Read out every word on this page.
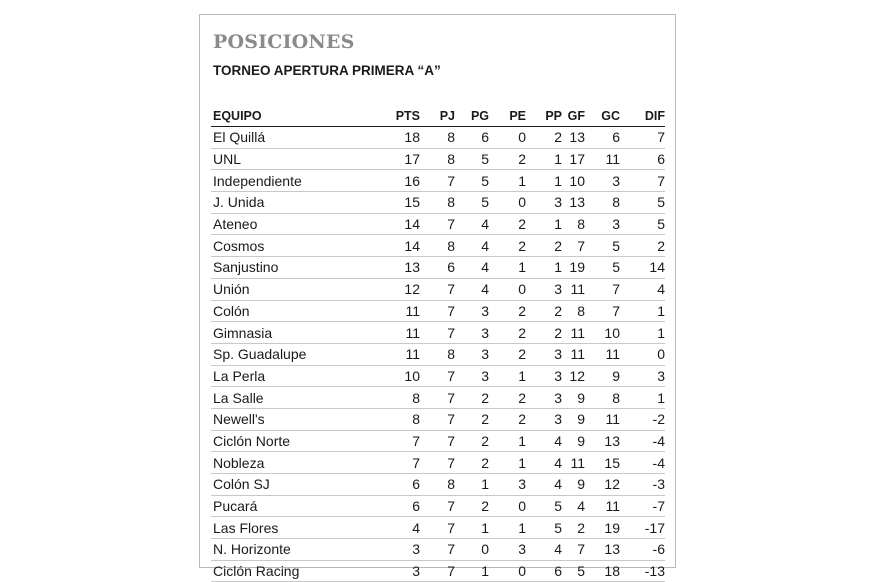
POSICIONES
TORNEO APERTURA PRIMERA “A”
EQUIPO	PTS	PJ	PG	PE	PP	GF	GC	DIF
El Quillá	18	8	6	0	2	13	6	7
UNL	17	8	5	2	1	17	11	6
Independiente	16	7	5	1	1	10	3	7
J. Unida	15	8	5	0	3	13	8	5
Ateneo	14	7	4	2	1	8	3	5
Cosmos	14	8	4	2	2	7	5	2
Sanjustino	13	6	4	1	1	19	5	14
Unión	12	7	4	0	3	11	7	4
Colón	11	7	3	2	2	8	7	1
Gimnasia	11	7	3	2	2	11	10	1
Sp. Guadalupe	11	8	3	2	3	11	11	0
La Perla	10	7	3	1	3	12	9	3
La Salle	8	7	2	2	3	9	8	1
Newell's	8	7	2	2	3	9	11	-2
Ciclón Norte	7	7	2	1	4	9	13	-4
Nobleza	7	7	2	1	4	11	15	-4
Colón SJ	6	8	1	3	4	9	12	-3
Pucará	6	7	2	0	5	4	11	-7
Las Flores	4	7	1	1	5	2	19	-17
N. Horizonte	3	7	0	3	4	7	13	-6
Ciclón Racing	3	7	1	0	6	5	18	-13
